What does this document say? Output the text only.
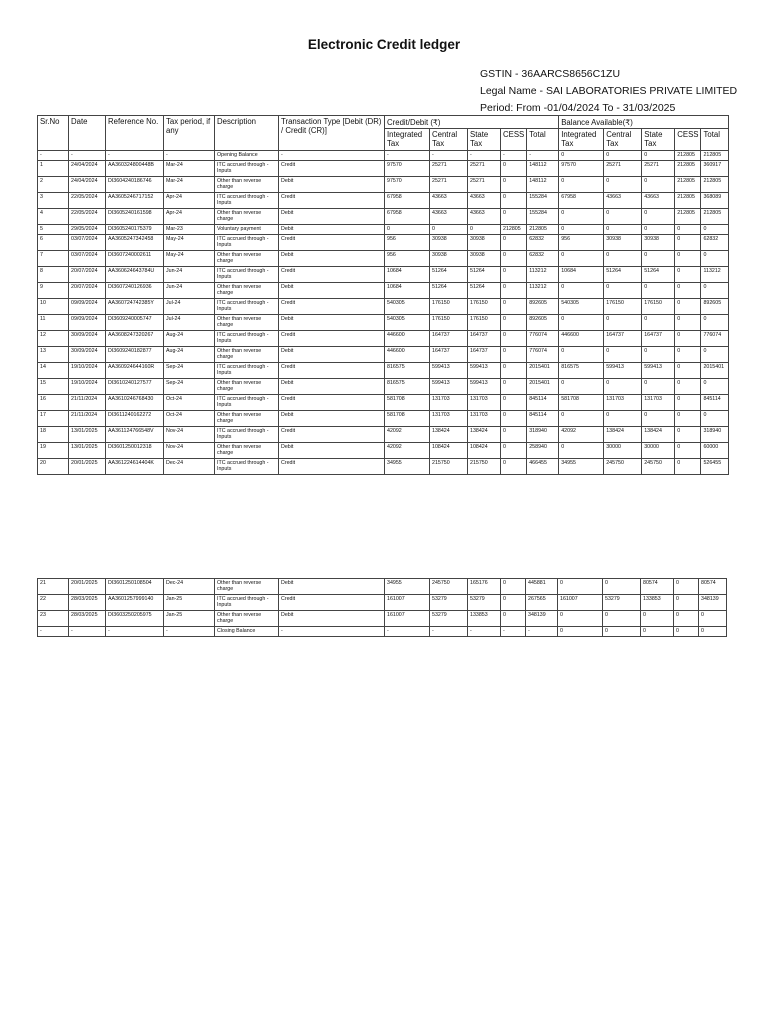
Electronic Credit ledger
GSTIN - 36AARCS8656C1ZU
Legal Name - SAI LABORATORIES PRIVATE LIMITED
Period: From -01/04/2024 To - 31/03/2025
Sr.No	Date	Reference No.	Tax period, if any	Description	Transaction Type [Debit (DR) / Credit (CR)]	Credit/Debit (₹)					Balance Available(₹)				
						Integrated Tax	Central Tax	State Tax	CESS	Total	Integrated Tax	Central Tax	State Tax	CESS	Total
-	-	-	-	Opening Balance	-	-	-	-	-	-	0	0	0	212805	212805
1	24/04/2024	AA360324800448B	Mar-24	ITC accrued through - Inputs	Credit	97570	25271	25271	0	148112	97570	25271	25271	212805	360917
2	24/04/2024	DI3604240186746	Mar-24	Other than reverse charge	Debit	97570	25271	25271	0	148112	0	0	0	212805	212805
3	22/05/2024	AA3605246717152	Apr-24	ITC accrued through - Inputs	Credit	67958	43663	43663	0	155284	67958	43663	43663	212805	368089
4	22/05/2024	DI3605240161598	Apr-24	Other than reverse charge	Debit	67958	43663	43663	0	155284	0	0	0	212805	212805
5	29/05/2024	DI3605240175379	Mar-23	Voluntary payment	Debit	0	0	0	212805	212805	0	0	0	0	0
6	03/07/2024	AA3605247342458	May-24	ITC accrued through - Inputs	Credit	956	30938	30938	0	62832	956	30938	30938	0	62832
7	03/07/2024	DI3607240002611	May-24	Other than reverse charge	Debit	956	30938	30938	0	62832	0	0	0	0	0
8	20/07/2024	AA360624643784U	Jun-24	ITC accrued through - Inputs	Credit	10684	51264	51264	0	113212	10684	51264	51264	0	113212
9	20/07/2024	DI3607240126936	Jun-24	Other than reverse charge	Debit	10684	51264	51264	0	113212	0	0	0	0	0
10	09/09/2024	AA360724742385Y	Jul-24	ITC accrued through - Inputs	Credit	540305	176150	176150	0	892605	540305	176150	176150	0	892605
11	09/09/2024	DI3609240005747	Jul-24	Other than reverse charge	Debit	540305	176150	176150	0	892605	0	0	0	0	0
12	30/09/2024	AA3608247320267	Aug-24	ITC accrued through - Inputs	Credit	446600	164737	164737	0	776074	446600	164737	164737	0	776074
13	30/09/2024	DI3609240182877	Aug-24	Other than reverse charge	Debit	446600	164737	164737	0	776074	0	0	0	0	0
14	19/10/2024	AA360924644160R	Sep-24	ITC accrued through - Inputs	Credit	816575	599413	599413	0	2015401	816575	599413	599413	0	2015401
15	19/10/2024	DI3610240127577	Sep-24	Other than reverse charge	Debit	816575	599413	599413	0	2015401	0	0	0	0	0
16	21/11/2024	AA3610246768430	Oct-24	ITC accrued through - Inputs	Credit	581708	131703	131703	0	845114	581708	131703	131703	0	845114
17	21/11/2024	DI3611240162272	Oct-24	Other than reverse charge	Debit	581708	131703	131703	0	845114	0	0	0	0	0
18	13/01/2025	AA361124766548V	Nov-24	ITC accrued through - Inputs	Credit	42092	138424	138424	0	318940	42092	138424	138424	0	318940
19	13/01/2025	DI3601250012318	Nov-24	Other than reverse charge	Debit	42092	108424	108424	0	258940	0	30000	30000	0	60000
20	20/01/2025	AA361224614404K	Dec-24	ITC accrued through - Inputs	Credit	34955	215750	215750	0	466455	34955	245750	245750	0	526455
21	20/01/2025	DI3601250108504	Dec-24	Other than reverse charge	Debit	34955	245750	165176	0	445881	0	0	80574	0	80574
22	28/03/2025	AA3601257999140	Jan-25	ITC accrued through - Inputs	Credit	161007	53279	53279	0	267565	161007	53279	133853	0	348139
23	28/03/2025	DI3603250205975	Jan-25	Other than reverse charge	Debit	161007	53279	133853	0	348139	0	0	0	0	0
-	-	-	-	Closing Balance	-	-	-	-	-	-	0	0	0	0	0
